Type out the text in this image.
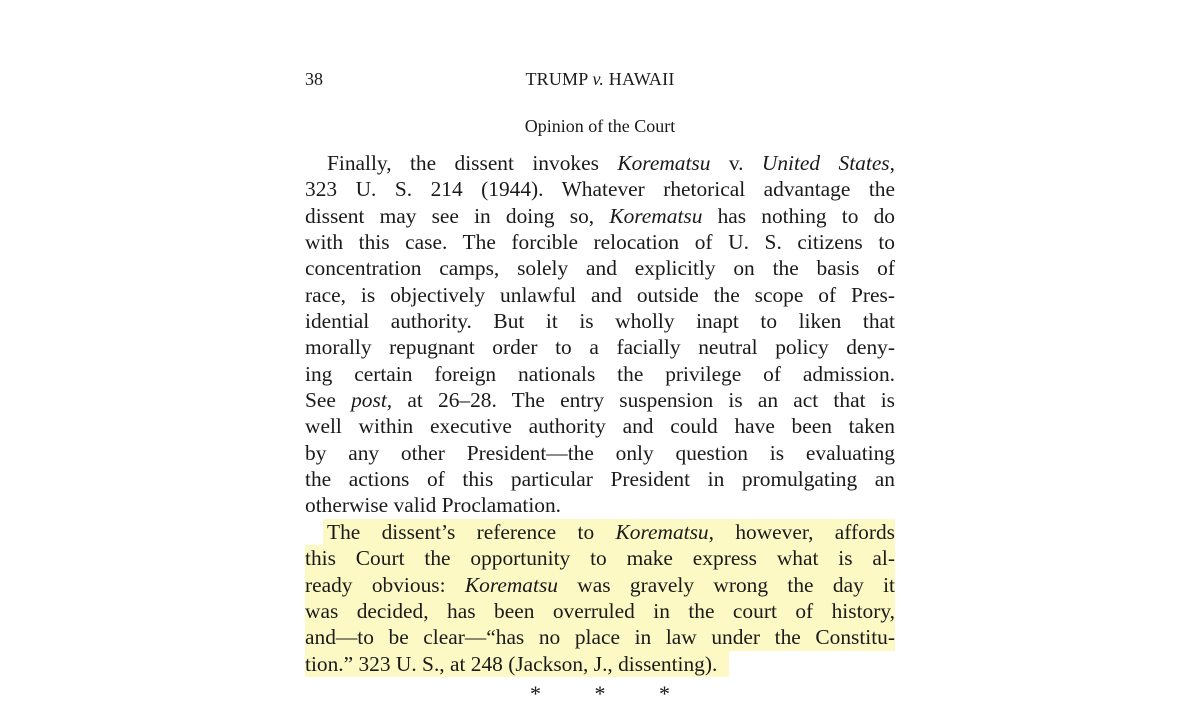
38	TRUMP v. HAWAII
Opinion of the Court
Finally, the dissent invokes Korematsu v. United States,
323 U. S. 214 (1944). Whatever rhetorical advantage the
dissent may see in doing so, Korematsu has nothing to do
with this case. The forcible relocation of U. S. citizens to
concentration camps, solely and explicitly on the basis of
race, is objectively unlawful and outside the scope of Pres-
idential authority. But it is wholly inapt to liken that
morally repugnant order to a facially neutral policy deny-
ing certain foreign nationals the privilege of admission.
See post, at 26–28. The entry suspension is an act that is
well within executive authority and could have been taken
by any other President—the only question is evaluating
the actions of this particular President in promulgating an
otherwise valid Proclamation.
The dissent’s reference to Korematsu, however, affords
this Court the opportunity to make express what is al-
ready obvious: Korematsu was gravely wrong the day it
was decided, has been overruled in the court of history,
and—to be clear—“has no place in law under the Constitu-
tion.” 323 U. S., at 248 (Jackson, J., dissenting).
* * *
